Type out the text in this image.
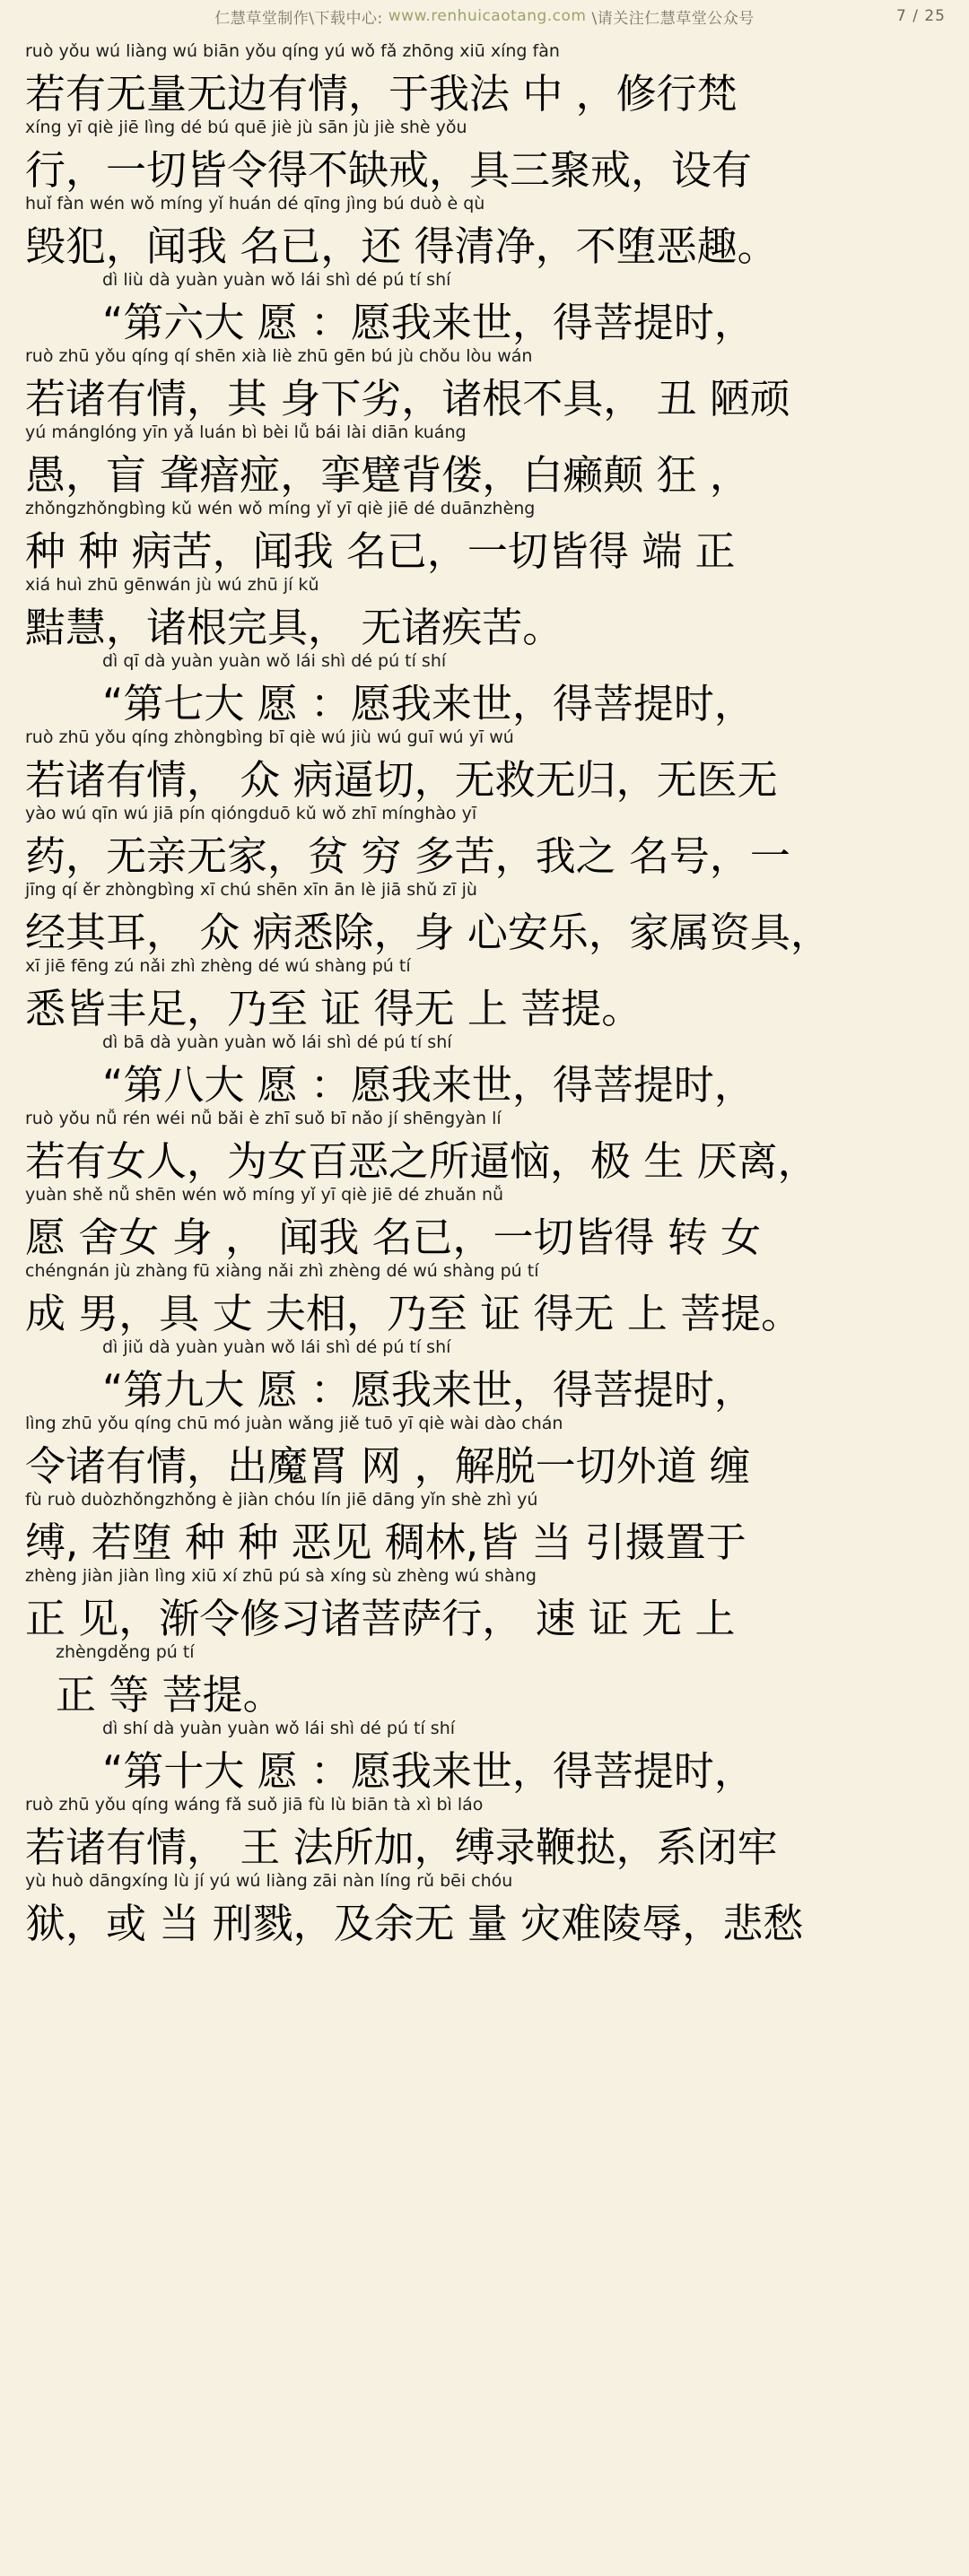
仁慧草堂制作\下载中心: www.renhuicaotang.com \请关注仁慧草堂公众号	7 / 25
ruò yǒu wú liàng wú biān yǒu qíng yú wǒ fǎ zhōng xiū xíng fàn
若有无量无边有情，于我法 中 ，修行梵
xíng yī qiè jiē lìng dé bú quē jiè jù sān jù jiè shè yǒu
行，一切皆令得不缺戒，具三聚戒，设有
huǐ fàn wén wǒ míng yǐ huán dé qīng jìng bú duò è qù
毁犯，闻我 名已，还 得清净，不堕恶趣。
dì liù dà yuàn yuàn wǒ lái shì dé pú tí shí
“第六大 愿 ：愿我来世，得菩提时，
ruò zhū yǒu qíng qí shēn xià liè zhū gēn bú jù chǒu lòu wán
若诸有情，其 身下劣，诸根不具， 丑 陋顽
yú mánglóng yīn yǎ luán bì bèi lǚ bái lài diān kuáng
愚，盲 聋瘖痖，挛躄背偻，白癞颠 狂 ，
zhǒngzhǒngbìng kǔ wén wǒ míng yǐ yī qiè jiē dé duānzhèng
种 种 病苦，闻我 名已，一切皆得 端 正
xiá huì zhū gēnwán jù wú zhū jí kǔ
黠慧，诸根完具， 无诸疾苦。
dì qī dà yuàn yuàn wǒ lái shì dé pú tí shí
“第七大 愿 ：愿我来世，得菩提时，
ruò zhū yǒu qíng zhòngbìng bī qiè wú jiù wú guī wú yī wú
若诸有情， 众 病逼切，无救无归，无医无
yào wú qīn wú jiā pín qióngduō kǔ wǒ zhī mínghào yī
药，无亲无家，贫 穷 多苦，我之 名号，一
jīng qí ěr zhòngbìng xī chú shēn xīn ān lè jiā shǔ zī jù
经其耳， 众 病悉除，身 心安乐，家属资具，
xī jiē fēng zú nǎi zhì zhèng dé wú shàng pú tí
悉皆丰足，乃至 证 得无 上 菩提。
dì bā dà yuàn yuàn wǒ lái shì dé pú tí shí
“第八大 愿 ：愿我来世，得菩提时，
ruò yǒu nǚ rén wéi nǚ bǎi è zhī suǒ bī nǎo jí shēngyàn lí
若有女人，为女百恶之所逼恼，极 生 厌离，
yuàn shě nǚ shēn wén wǒ míng yǐ yī qiè jiē dé zhuǎn nǚ
愿 舍女 身 ， 闻我 名已，一切皆得 转 女
chéngnán jù zhàng fū xiàng nǎi zhì zhèng dé wú shàng pú tí
成 男，具 丈 夫相，乃至 证 得无 上 菩提。
dì jiǔ dà yuàn yuàn wǒ lái shì dé pú tí shí
“第九大 愿 ：愿我来世，得菩提时，
lìng zhū yǒu qíng chū mó juàn wǎng jiě tuō yī qiè wài dào chán
令诸有情，出魔罥 网 ，解脱一切外道 缠
fù ruò duòzhǒngzhǒng è jiàn chóu lín jiē dāng yǐn shè zhì yú
缚, 若堕 种 种 恶见 稠林,皆 当 引摄置于
zhèng jiàn jiàn lìng xiū xí zhū pú sà xíng sù zhèng wú shàng
正 见，渐令修习诸菩萨行， 速 证 无 上
zhèngděng pú tí
正 等 菩提。
dì shí dà yuàn yuàn wǒ lái shì dé pú tí shí
“第十大 愿 ：愿我来世，得菩提时，
ruò zhū yǒu qíng wáng fǎ suǒ jiā fù lù biān tà xì bì láo
若诸有情， 王 法所加，缚录鞭挞，系闭牢
yù huò dāngxíng lù jí yú wú liàng zāi nàn líng rǔ bēi chóu
狱，或 当 刑戮，及余无 量 灾难陵辱，悲愁
